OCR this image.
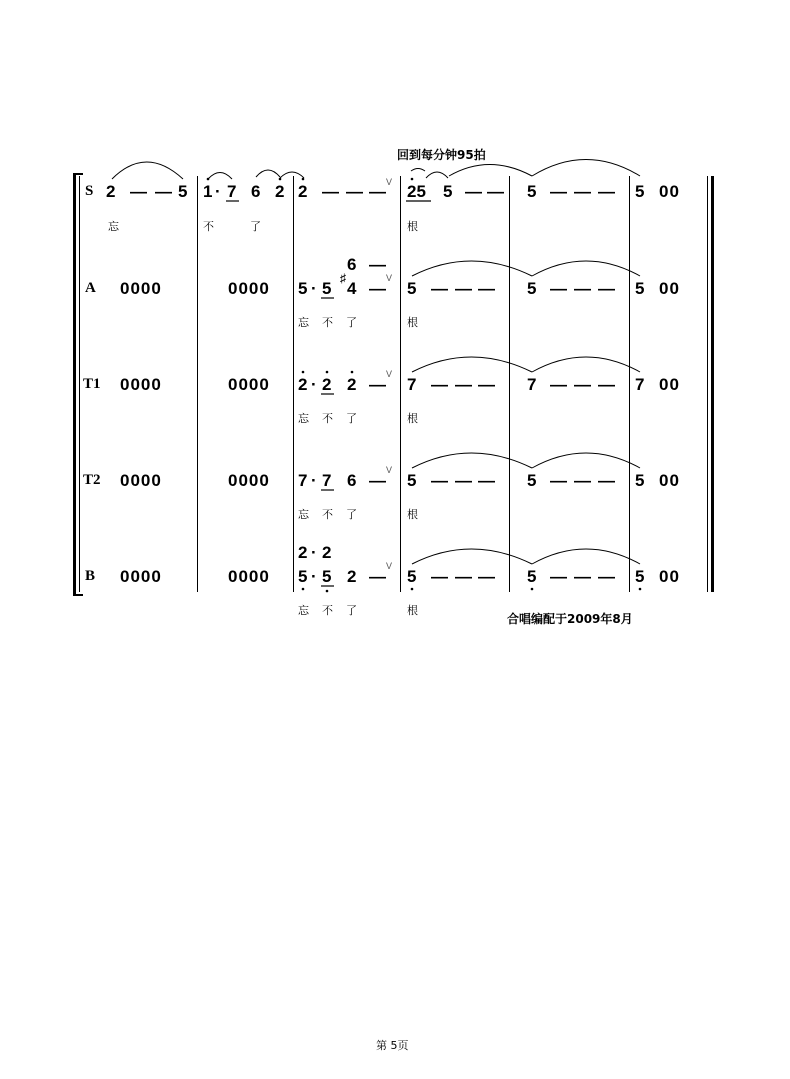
回到每分钟95拍
合唱编配于2009年8月
第 5页
S 2 — — 5 1 · 7 6 2 2 — — — V 25 5 — — 5 — — — 5 00
忘	不	了	根
A 0000	0000 5 · 5
6 —
♯
4 —
V
5 — — — 5 — — — 5 00
忘 不 了	根
T1 0000	0000 2 · 2 2 —
V
7 — — — 7 — — — 7 00
忘 不 了	根
T2 0000	0000 7 · 7 6 —
V
5 — — — 5 — — — 5 00
忘 不 了	根
B 0000	0000
2 · 2
5 · 5 2 —
V
5 — — — 5 — — — 5 00
忘 不 了	根
